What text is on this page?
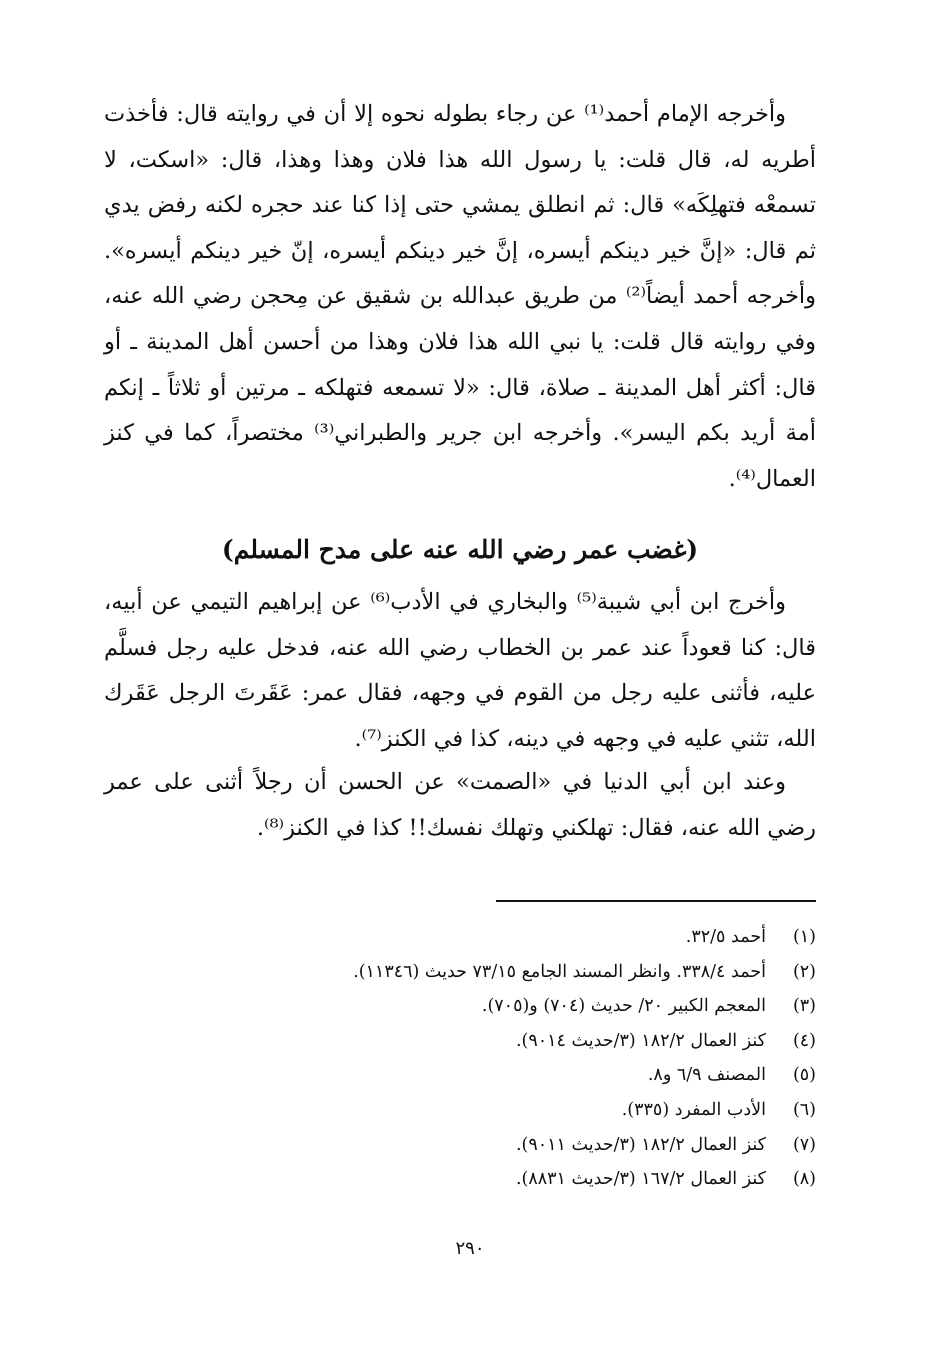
وأخرجه الإمام أحمد⁽¹⁾ عن رجاء بطوله نحوه إلا أن في روايته قال: فأخذت أطريه له، قال قلت: يا رسول الله هذا فلان وهذا وهذا، قال: «اسكت، لا تسمعْه فتهلِكَه» قال: ثم انطلق يمشي حتى إذا كنا عند حجره لكنه رفض يدي ثم قال: «إنَّ خير دينكم أيسره، إنَّ خير دينكم أيسره، إنّ خير دينكم أيسره». وأخرجه أحمد أيضاً⁽²⁾ من طريق عبدالله بن شقيق عن مِحجن رضي الله عنه، وفي روايته قال قلت: يا نبي الله هذا فلان وهذا من أحسن أهل المدينة ـ أو قال: أكثر أهل المدينة ـ صلاة، قال: «لا تسمعه فتهلكه ـ مرتين أو ثلاثاً ـ إنكم أمة أريد بكم اليسر». وأخرجه ابن جرير والطبراني⁽³⁾ مختصراً، كما في كنز العمال⁽⁴⁾.

(غضب عمر رضي الله عنه على مدح المسلم)

وأخرج ابن أبي شيبة⁽⁵⁾ والبخاري في الأدب⁽⁶⁾ عن إبراهيم التيمي عن أبيه، قال: كنا قعوداً عند عمر بن الخطاب رضي الله عنه، فدخل عليه رجل فسلَّم عليه، فأثنى عليه رجل من القوم في وجهه، فقال عمر: عَقَرتَ الرجل عَقَرك الله، تثني عليه في وجهه في دينه، كذا في الكنز⁽⁷⁾.

وعند ابن أبي الدنيا في «الصمت» عن الحسن أن رجلاً أثنى على عمر رضي الله عنه، فقال: تهلكني وتهلك نفسك!! كذا في الكنز⁽⁸⁾.

(١)
أحمد ٣٢/٥.
(٢)
أحمد ٣٣٨/٤. وانظر المسند الجامع ٧٣/١٥ حديث (١١٣٤٦).
(٣)
المعجم الكبير ٢٠/ حديث (٧٠٤) و(٧٠٥).
(٤)
كنز العمال ١٨٢/٢ (٣/حديث ٩٠١٤).
(٥)
المصنف ٦/٩ و٨.
(٦)
الأدب المفرد (٣٣٥).
(٧)
كنز العمال ١٨٢/٢ (٣/حديث ٩٠١١).
(٨)
كنز العمال ١٦٧/٢ (٣/حديث ٨٨٣١).
٢٩٠
